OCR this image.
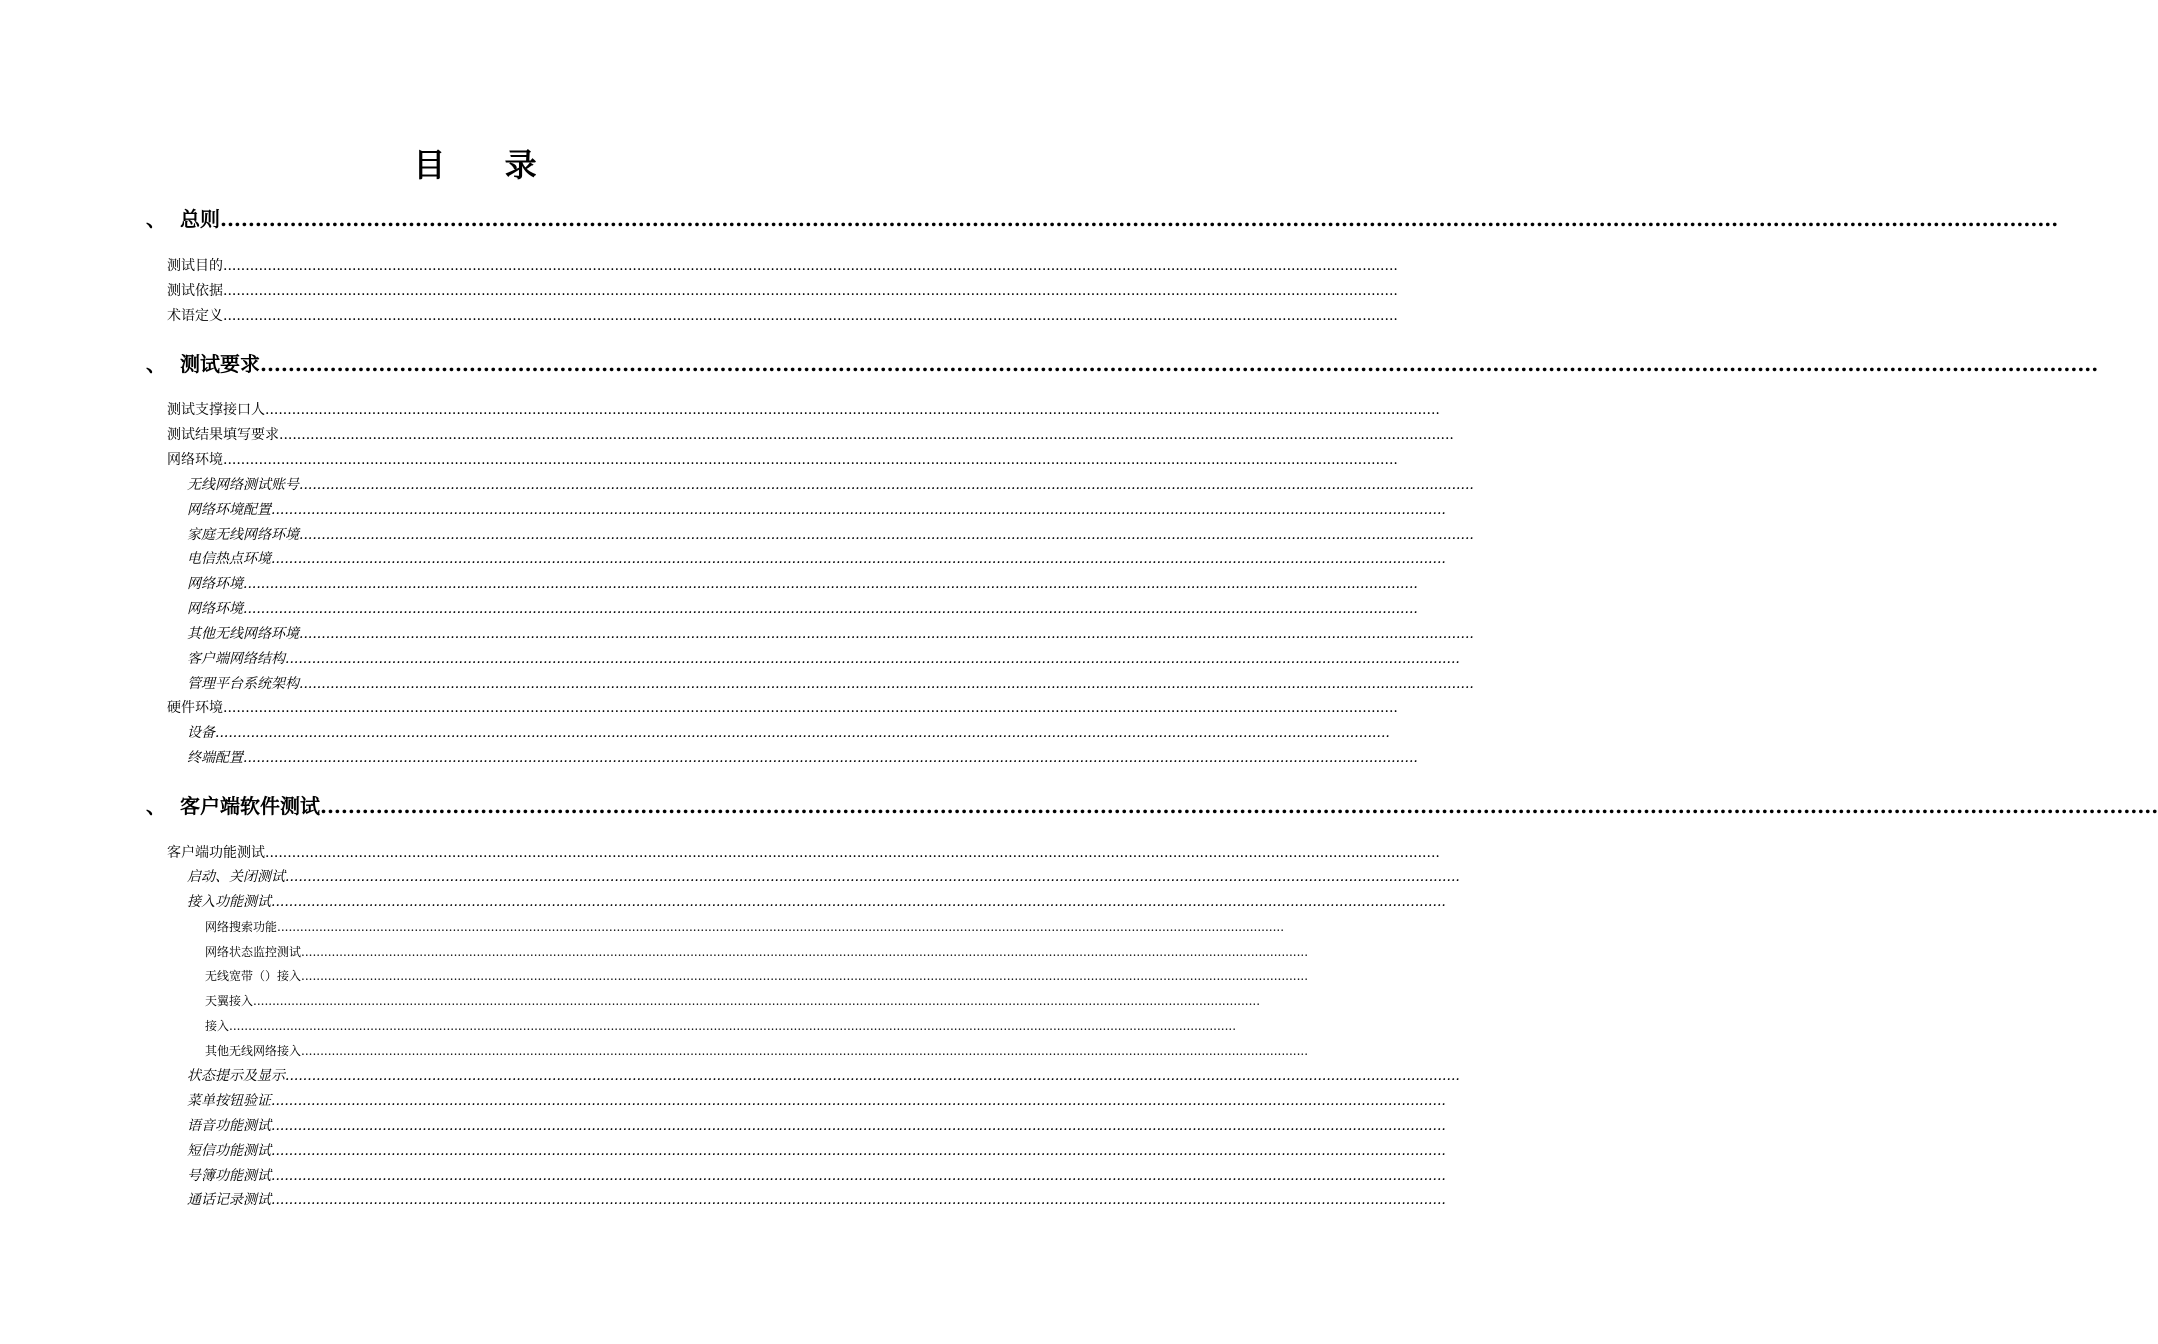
目 录
、 总则 ........................................................................................................................................................................................................................................................................
测试目的 ........................................................................................................................................................................................................................................................................
测试依据 ........................................................................................................................................................................................................................................................................
术语定义 ........................................................................................................................................................................................................................................................................
、 测试要求 ........................................................................................................................................................................................................................................................................
测试支撑接口人 ........................................................................................................................................................................................................................................................................
测试结果填写要求 ........................................................................................................................................................................................................................................................................
网络环境 ........................................................................................................................................................................................................................................................................
无线网络测试账号 ........................................................................................................................................................................................................................................................................
网络环境配置 ........................................................................................................................................................................................................................................................................
家庭无线网络环境 ........................................................................................................................................................................................................................................................................
电信热点环境 ........................................................................................................................................................................................................................................................................
网络环境 ........................................................................................................................................................................................................................................................................
网络环境 ........................................................................................................................................................................................................................................................................
其他无线网络环境 ........................................................................................................................................................................................................................................................................
客户端网络结构 ........................................................................................................................................................................................................................................................................
管理平台系统架构 ........................................................................................................................................................................................................................................................................
硬件环境 ........................................................................................................................................................................................................................................................................
设备 ........................................................................................................................................................................................................................................................................
终端配置 ........................................................................................................................................................................................................................................................................
、 客户端软件测试 ........................................................................................................................................................................................................................................................................
客户端功能测试 ........................................................................................................................................................................................................................................................................
启动、关闭测试 ........................................................................................................................................................................................................................................................................
接入功能测试 ........................................................................................................................................................................................................................................................................
网络搜索功能 ........................................................................................................................................................................................................................................................................
网络状态监控测试 ........................................................................................................................................................................................................................................................................
无线宽带（）接入 ........................................................................................................................................................................................................................................................................
天翼接入 ........................................................................................................................................................................................................................................................................
接入 ........................................................................................................................................................................................................................................................................
其他无线网络接入 ........................................................................................................................................................................................................................................................................
状态提示及显示 ........................................................................................................................................................................................................................................................................
菜单按钮验证 ........................................................................................................................................................................................................................................................................
语音功能测试 ........................................................................................................................................................................................................................................................................
短信功能测试 ........................................................................................................................................................................................................................................................................
号簿功能测试 ........................................................................................................................................................................................................................................................................
通话记录测试 ........................................................................................................................................................................................................................................................................
